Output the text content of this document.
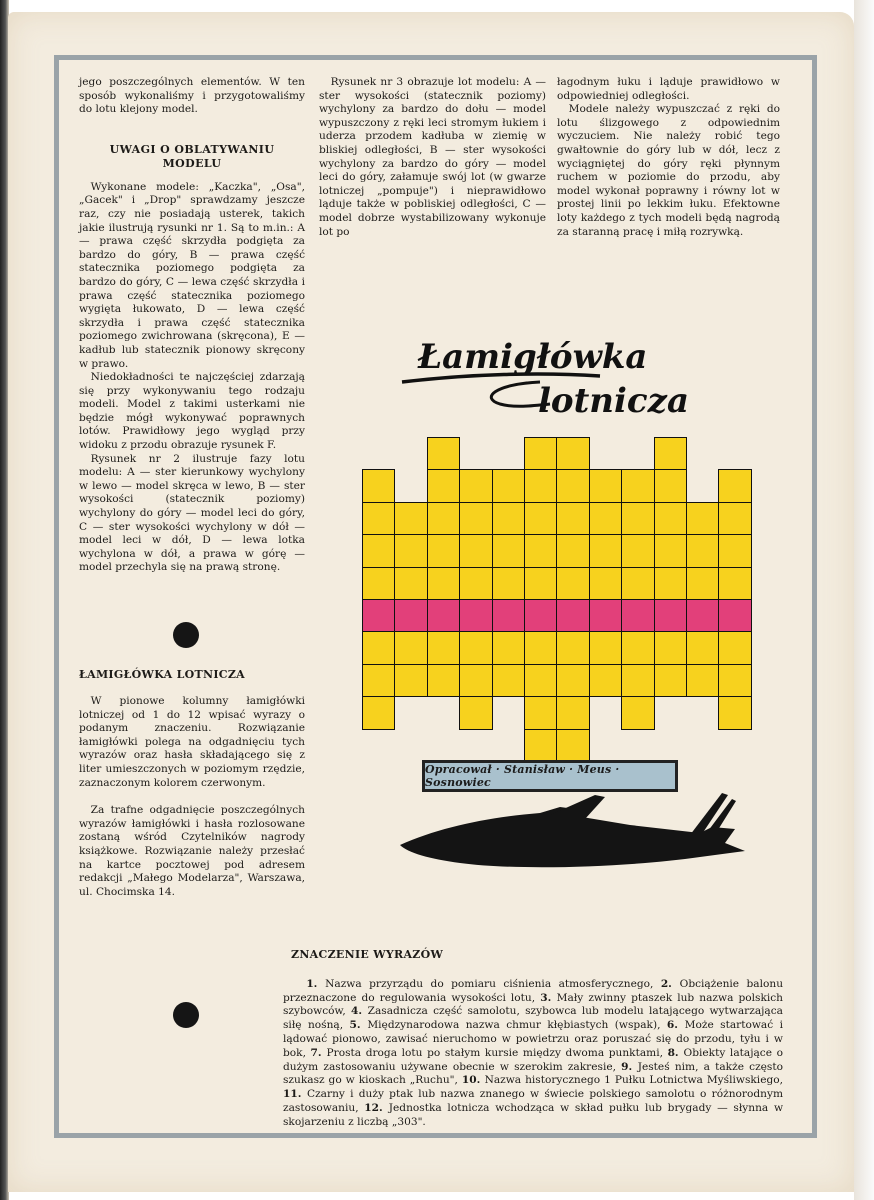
jego poszczególnych elementów. W ten sposób wykonaliśmy i przygotowaliśmy do lotu klejony model.

UWAGI O OBLATYWANIU MODELU

Wykonane modele: „Kaczka", „Osa", „Gacek" i „Drop" sprawdzamy jeszcze raz, czy nie posiadają usterek, takich jakie ilustrują rysunki nr 1. Są to m.in.: A — prawa część skrzydła podgięta za bardzo do góry, B — prawa część statecznika poziomego podgięta za bardzo do góry, C — lewa część skrzydła i prawa część statecznika poziomego wygięta łukowato, D — lewa część skrzydła i prawa część statecznika poziomego zwichrowana (skręcona), E — kadłub lub statecznik pionowy skręcony w prawo.

Niedokładności te najczęściej zdarzają się przy wykonywaniu tego rodzaju modeli. Model z takimi usterkami nie będzie mógł wykonywać poprawnych lotów. Prawidłowy jego wygląd przy widoku z przodu obrazuje rysunek F.

Rysunek nr 2 ilustruje fazy lotu modelu: A — ster kierunkowy wychylony w lewo — model skręca w lewo, B — ster wysokości (statecznik poziomy) wychylony do góry — model leci do góry, C — ster wysokości wychylony w dół — model leci w dół, D — lewa lotka wychylona w dół, a prawa w górę — model przechyla się na prawą stronę.

Rysunek nr 3 obrazuje lot modelu: A — ster wysokości (statecznik poziomy) wychylony za bardzo do dołu — model wypuszczony z ręki leci stromym łukiem i uderza przodem kadłuba w ziemię w bliskiej odległości, B — ster wysokości wychylony za bardzo do góry — model leci do góry, załamuje swój lot (w gwarze lotniczej „pompuje") i nieprawidłowo ląduje także w pobliskiej odległości, C — model dobrze wystabilizowany wykonuje lot po

łagodnym łuku i ląduje prawidłowo w odpowiedniej odległości.

Modele należy wypuszczać z ręki do lotu ślizgowego z odpowiednim wyczuciem. Nie należy robić tego gwałtownie do góry lub w dół, lecz z wyciągniętej do góry ręki płynnym ruchem w poziomie do przodu, aby model wykonał poprawny i równy lot w prostej linii po lekkim łuku. Efektowne loty każdego z tych modeli będą nagrodą za staranną pracę i miłą rozrywką.

ŁAMIGŁÓWKA LOTNICZA

W pionowe kolumny łamigłówki lotniczej od 1 do 12 wpisać wyrazy o podanym znaczeniu. Rozwiązanie łamigłówki polega na odgadnięciu tych wyrazów oraz hasła składającego się z liter umieszczonych w poziomym rzędzie, zaznaczonym kolorem czerwonym.

Za trafne odgadnięcie poszczególnych wyrazów łamigłówki i hasła rozlosowane zostaną wśród Czytelników nagrody książkowe. Rozwiązanie należy przesłać na kartce pocztowej pod adresem redakcji „Małego Modelarza", Warszawa, ul. Chocimska 14.

Łamigłówka
lotnicza
Opracował · Stanisław · Meus · Sosnowiec
ZNACZENIE WYRAZÓW

1. Nazwa przyrządu do pomiaru ciśnienia atmosferycznego, 2. Obciążenie balonu przeznaczone do regulowania wysokości lotu, 3. Mały zwinny ptaszek lub nazwa polskich szybowców, 4. Zasadnicza część samolotu, szybowca lub modelu latającego wytwarzająca siłę nośną, 5. Międzynarodowa nazwa chmur kłębiastych (wspak), 6. Może startować i lądować pionowo, zawisać nieruchomo w powietrzu oraz poruszać się do przodu, tyłu i w bok, 7. Prosta droga lotu po stałym kursie między dwoma punktami, 8. Obiekty latające o dużym zastosowaniu używane obecnie w szerokim zakresie, 9. Jesteś nim, a także często szukasz go w kioskach „Ruchu", 10. Nazwa historycznego 1 Pułku Lotnictwa Myśliwskiego, 11. Czarny i duży ptak lub nazwa znanego w świecie polskiego samolotu o różnorodnym zastosowaniu, 12. Jednostka lotnicza wchodząca w skład pułku lub brygady — słynna w skojarzeniu z liczbą „303".
